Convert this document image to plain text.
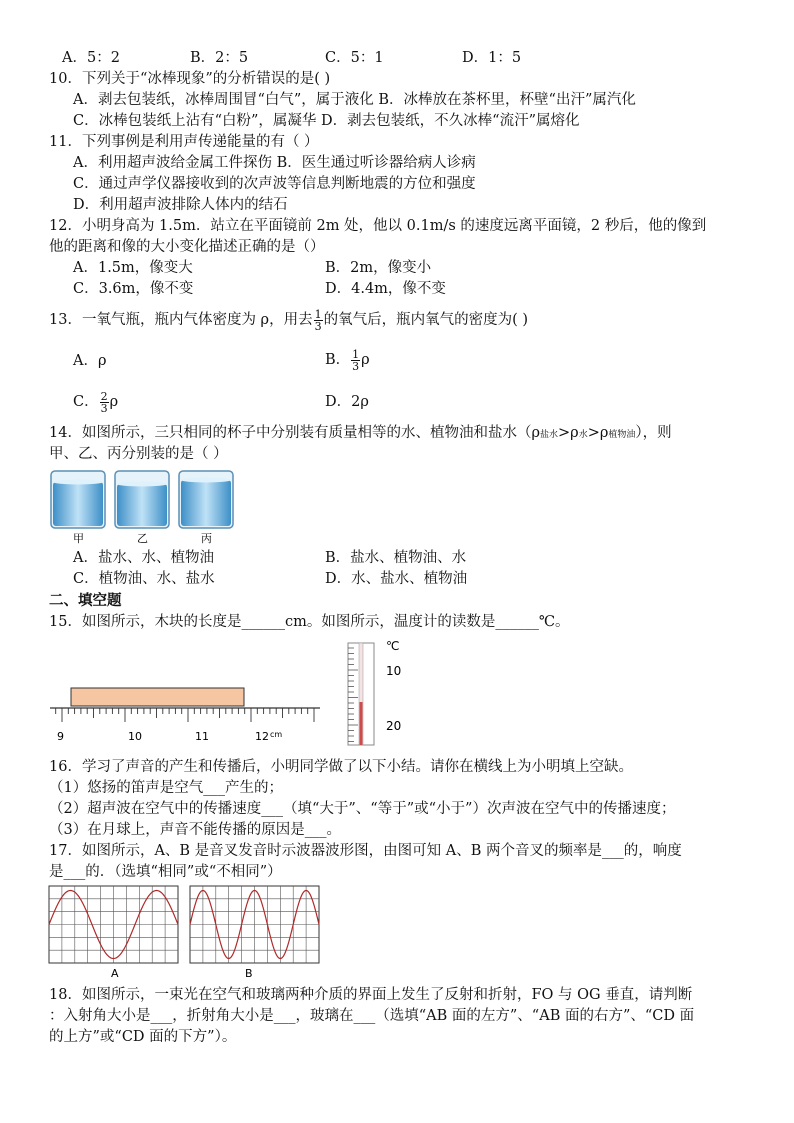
A．5：2	B．2：5	C．5：1	D．1：5
10．下列关于“冰棒现象”的分析错误的是( )
A．剥去包装纸，冰棒周围冒“白气”，属于液化 B．冰棒放在茶杯里，杯壁“出汗”属汽化
C．冰棒包装纸上沾有“白粉”，属凝华 D．剥去包装纸，不久冰棒“流汗”属熔化
11．下列事例是利用声传递能量的有（ ）
A．利用超声波给金属工件探伤 B．医生通过听诊器给病人诊病
C．通过声学仪器接收到的次声波等信息判断地震的方位和强度
D．利用超声波排除人体内的结石
12．小明身高为 1.5m．站立在平面镜前 2m 处，他以 0.1m/s 的速度远离平面镜，2 秒后，他的像到
他的距离和像的大小变化描述正确的是（）
A．1.5m，像变大	B．2m，像变小
C．3.6m，像不变	D．4.4m，像不变
13．一氧气瓶，瓶内气体密度为 ρ，用去 $\frac{1}{3}$ 的氧气后，瓶内氧气的密度为( )
A．ρ	B． $\frac{1}{3}$ ρ
C． $\frac{2}{3}$ ρ	D．2ρ
14．如图所示，三只相同的杯子中分别装有质量相等的水、植物油和盐水（ρ盐水>ρ水>ρ植物油），则
甲、乙、丙分别装的是（ ）
甲	乙	丙
A．盐水、水、植物油	B．盐水、植物油、水
C．植物油、水、盐水	D．水、盐水、植物油
二、填空题
15．如图所示，木块的长度是______cm。如图所示，温度计的读数是______℃。
9	10	11	12 cm
℃
10
20
16．学习了声音的产生和传播后，小明同学做了以下小结。请你在横线上为小明填上空缺。
（1）悠扬的笛声是空气___产生的；
（2）超声波在空气中的传播速度___（填“大于”、“等于”或“小于”）次声波在空气中的传播速度；
（3）在月球上，声音不能传播的原因是___。
17．如图所示，A、B 是音叉发音时示波器波形图，由图可知 A、B 两个音叉的频率是___的，响度
是___的．（选填“相同”或“不相同”）
A	B
18．如图所示，一束光在空气和玻璃两种介质的界面上发生了反射和折射，FO 与 OG 垂直，请判断
：入射角大小是___，折射角大小是___，玻璃在___（选填“AB 面的左方”、“AB 面的右方”、“CD 面
的上方”或“CD 面的下方”）。
